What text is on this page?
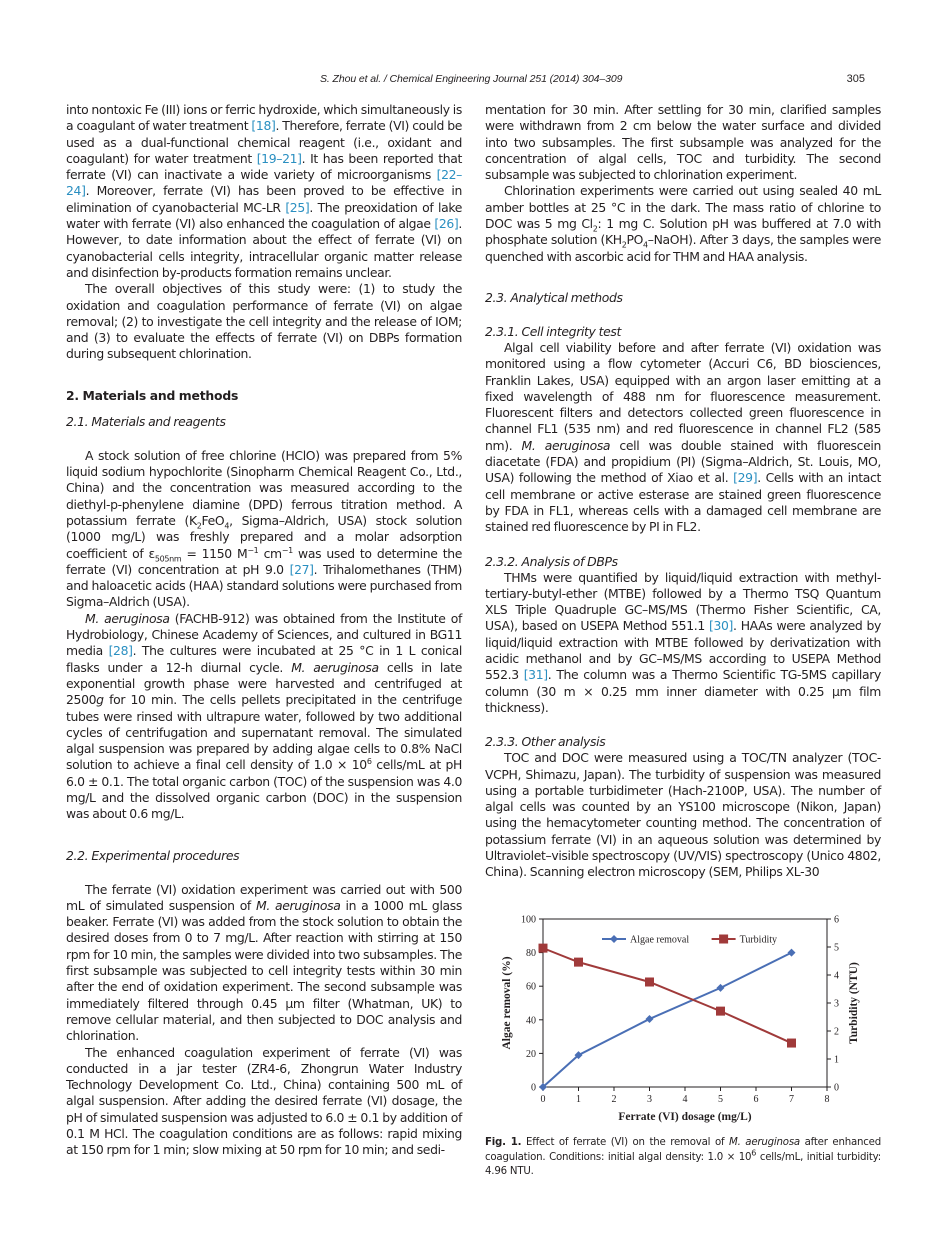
S. Zhou et al. / Chemical Engineering Journal 251 (2014) 304–309	305

into nontoxic Fe (III) ions or ferric hydroxide, which simultaneously is a coagulant of water treatment [18]. Therefore, ferrate (VI) could be used as a dual-functional chemical reagent (i.e., oxidant and coagulant) for water treatment [19–21]. It has been reported that ferrate (VI) can inactivate a wide variety of microorganisms [22–24]. Moreover, ferrate (VI) has been proved to be effective in elimination of cyanobacterial MC-LR [25]. The preoxidation of lake water with ferrate (VI) also enhanced the coagulation of algae [26]. However, to date information about the effect of ferrate (VI) on cyanobacterial cells integrity, intracellular organic matter release and disinfection by-products formation remains unclear.

The overall objectives of this study were: (1) to study the oxidation and coagulation performance of ferrate (VI) on algae removal; (2) to investigate the cell integrity and the release of IOM; and (3) to evaluate the effects of ferrate (VI) on DBPs formation during subsequent chlorination.

2. Materials and methods
2.1. Materials and reagents

A stock solution of free chlorine (HClO) was prepared from 5% liquid sodium hypochlorite (Sinopharm Chemical Reagent Co., Ltd., China) and the concentration was measured according to the diethyl-p-phenylene diamine (DPD) ferrous titration method. A potassium ferrate ($K_2FeO_4$, Sigma–Aldrich, USA) stock solution (1000 mg/L) was freshly prepared and a molar adsorption coefficient of $\varepsilon_{505nm} = 1150$ $M^{-1}$ $cm^{-1}$ was used to determine the ferrate (VI) concentration at pH 9.0 [27]. Trihalomethanes (THM) and haloacetic acids (HAA) standard solutions were purchased from Sigma–Aldrich (USA).

M. aeruginosa (FACHB-912) was obtained from the Institute of Hydrobiology, Chinese Academy of Sciences, and cultured in BG11 media [28]. The cultures were incubated at 25 °C in 1 L conical flasks under a 12-h diurnal cycle. M. aeruginosa cells in late exponential growth phase were harvested and centrifuged at 2500g for 10 min. The cells pellets precipitated in the centrifuge tubes were rinsed with ultrapure water, followed by two additional cycles of centrifugation and supernatant removal. The simulated algal suspension was prepared by adding algae cells to 0.8% NaCl solution to achieve a final cell density of $1.0 \times 10^6$ cells/mL at pH 6.0 ± 0.1. The total organic carbon (TOC) of the suspension was 4.0 mg/L and the dissolved organic carbon (DOC) in the suspension was about 0.6 mg/L.

2.2. Experimental procedures

The ferrate (VI) oxidation experiment was carried out with 500 mL of simulated suspension of M. aeruginosa in a 1000 mL glass beaker. Ferrate (VI) was added from the stock solution to obtain the desired doses from 0 to 7 mg/L. After reaction with stirring at 150 rpm for 10 min, the samples were divided into two subsamples. The first subsample was subjected to cell integrity tests within 30 min after the end of oxidation experiment. The second subsample was immediately filtered through 0.45 μm filter (Whatman, UK) to remove cellular material, and then subjected to DOC analysis and chlorination.

The enhanced coagulation experiment of ferrate (VI) was conducted in a jar tester (ZR4-6, Zhongrun Water Industry Technology Development Co. Ltd., China) containing 500 mL of algal suspension. After adding the desired ferrate (VI) dosage, the pH of simulated suspension was adjusted to 6.0 ± 0.1 by addition of 0.1 M HCl. The coagulation conditions are as follows: rapid mixing at 150 rpm for 1 min; slow mixing at 50 rpm for 10 min; and sedi-

mentation for 30 min. After settling for 30 min, clarified samples were withdrawn from 2 cm below the water surface and divided into two subsamples. The first subsample was analyzed for the concentration of algal cells, TOC and turbidity. The second subsample was subjected to chlorination experiment.

Chlorination experiments were carried out using sealed 40 mL amber bottles at 25 °C in the dark. The mass ratio of chlorine to DOC was 5 mg $Cl_2$: 1 mg C. Solution pH was buffered at 7.0 with phosphate solution $(KH_2PO_4-NaOH)$. After 3 days, the samples were quenched with ascorbic acid for THM and HAA analysis.

2.3. Analytical methods
2.3.1. Cell integrity test

Algal cell viability before and after ferrate (VI) oxidation was monitored using a flow cytometer (Accuri C6, BD biosciences, Franklin Lakes, USA) equipped with an argon laser emitting at a fixed wavelength of 488 nm for fluorescence measurement. Fluorescent filters and detectors collected green fluorescence in channel FL1 (535 nm) and red fluorescence in channel FL2 (585 nm). M. aeruginosa cell was double stained with fluorescein diacetate (FDA) and propidium (PI) (Sigma–Aldrich, St. Louis, MO, USA) following the method of Xiao et al. [29]. Cells with an intact cell membrane or active esterase are stained green fluorescence by FDA in FL1, whereas cells with a damaged cell membrane are stained red fluorescence by PI in FL2.

2.3.2. Analysis of DBPs

THMs were quantified by liquid/liquid extraction with methyl-tertiary-butyl-ether (MTBE) followed by a Thermo TSQ Quantum XLS Triple Quadruple GC–MS/MS (Thermo Fisher Scientific, CA, USA), based on USEPA Method 551.1 [30]. HAAs were analyzed by liquid/liquid extraction with MTBE followed by derivatization with acidic methanol and by GC–MS/MS according to USEPA Method 552.3 [31]. The column was a Thermo Scientific TG-5MS capillary column (30 m × 0.25 mm inner diameter with 0.25 μm film thickness).

2.3.3. Other analysis

TOC and DOC were measured using a TOC/TN analyzer (TOC-VCPH, Shimazu, Japan). The turbidity of suspension was measured using a portable turbidimeter (Hach-2100P, USA). The number of algal cells was counted by an YS100 microscope (Nikon, Japan) using the hemacytometer counting method. The concentration of potassium ferrate (VI) in an aqueous solution was determined by Ultraviolet–visible spectroscopy (UV/VIS) spectroscopy (Unico 4802, China). Scanning electron microscopy (SEM, Philips XL-30

0	1	2	3	4	5	6	7	8
0
20
40
60
80
100
0
1
2
3
4
5
6
Ferrate (VI) dosage (mg/L)
Algae removal (%)	Turbidity (NTU)
Algae removal	Turbidity
Fig. 1. Effect of ferrate (VI) on the removal of M. aeruginosa after enhanced coagulation. Conditions: initial algal density: $1.0 \times 10^6$ cells/mL, initial turbidity: 4.96 NTU.
